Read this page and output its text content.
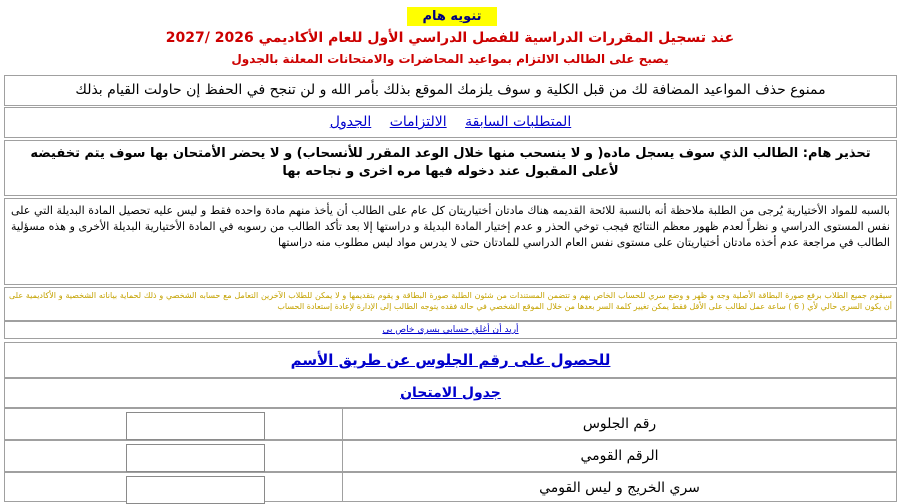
تنويه هام
عند تسجيل المقررات الدراسية للفصل الدراسي الأول للعام الأكاديمي 2026 /2027
يصبح على الطالب الالتزام بمواعيد المحاضرات والامتحانات المعلنة بالجدول
ممنوع حذف المواعيد المضافة لك من قبل الكلية و سوف يلزمك الموقع بذلك بأمر الله و لن تنجح في الحفظ إن حاولت القيام بذلك
المتطلبات السابقة الالتزامات الجدول
تحذير هام: الطالب الذي سوف يسجل ماده( و لا ينسحب منها خلال الوعد المقرر للأنسحاب) و لا يحضر الأمتحان بها سوف يتم تخفيضه لأعلى المقبول عند دخوله فيها مره اخرى و نجاحه بها
بالسبه للمواد الأختيارية يُرجى من الطلبة ملاحظة أنه بالنسبة للائحة القديمه هناك مادتان أختياريتان كل عام على الطالب أن يأخذ منهم مادة واحده فقط و ليس عليه تحصيل المادة البديلة التي على نفس المستوى الدراسي و نظراً لعدم ظهور معظم النتائج فيجب توخي الحذر و عدم إختيار المادة البديلة و دراستها إلا بعد تأكد الطالب من رسوبه في المادة الأختيارية البديلة الأخرى و هذه مسؤلية الطالب في مراجعة عدم أخذه مادتان أختياريتان على مستوى نفس العام الدراسي للمادتان حتى لا يدرس مواد ليس مطلوب منه دراستها
سيقوم جميع الطلاب برفع صورة البطاقة الأصلية وجه و ظهر و وضع سري للحساب الخاص بهم و تتضمن المستندات من شئون الطلبة صورة البطاقة و يقوم بتقديمها و لا يمكن للطلاب الآخرين التعامل مع حسابه الشخصي و ذلك لحماية بياناته الشخصية و الأكاديمية على أن يكون السري حالي لأي ( 6 ) ساعة عمل لطالب على الأقل فقط يمكن تغيير كلمة السر بعدها من خلال الموقع الشخصي في حالة فقده يتوجه الطالب إلى الإدارة لإعادة إستعادة الحساب
أريد أن أغلق حسابي بسري خاص بي
للحصول على رقم الجلوس عن طريق الأسم
جدول الامتحان
رقم الجلوس
الرقم القومي
سري الخريج و ليس القومي
